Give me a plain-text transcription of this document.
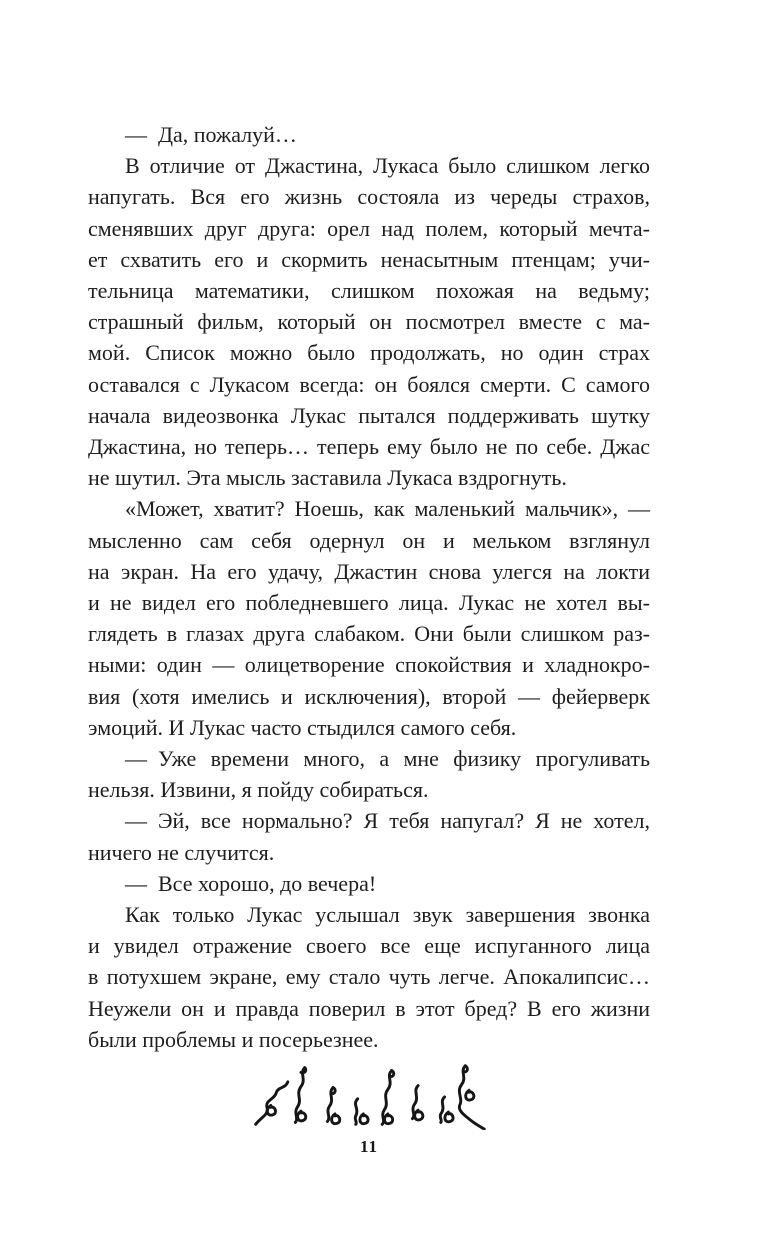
— Да, пожалуй…
В отличие от Джастина, Лукаса было слишком легко
напугать. Вся его жизнь состояла из череды страхов,
сменявших друг друга: орел над полем, который мечта-
ет схватить его и скормить ненасытным птенцам; учи-
тельница математики, слишком похожая на ведьму;
страшный фильм, который он посмотрел вместе с ма-
мой. Список можно было продолжать, но один страх
оставался с Лукасом всегда: он боялся смерти. С самого
начала видеозвонка Лукас пытался поддерживать шутку
Джастина, но теперь… теперь ему было не по себе. Джас
не шутил. Эта мысль заставила Лукаса вздрогнуть.
«Может, хватит? Ноешь, как маленький мальчик», —
мысленно сам себя одернул он и мельком взглянул
на экран. На его удачу, Джастин снова улегся на локти
и не видел его побледневшего лица. Лукас не хотел вы-
глядеть в глазах друга слабаком. Они были слишком раз-
ными: один — олицетворение спокойствия и хладнокро-
вия (хотя имелись и исключения), второй — фейерверк
эмоций. И Лукас часто стыдился самого себя.
— Уже времени много, а мне физику прогуливать
нельзя. Извини, я пойду собираться.
— Эй, все нормально? Я тебя напугал? Я не хотел,
ничего не случится.
— Все хорошо, до вечера!
Как только Лукас услышал звук завершения звонка
и увидел отражение своего все еще испуганного лица
в потухшем экране, ему стало чуть легче. Апокалипсис…
Неужели он и правда поверил в этот бред? В его жизни
были проблемы и посерьезнее.
11
